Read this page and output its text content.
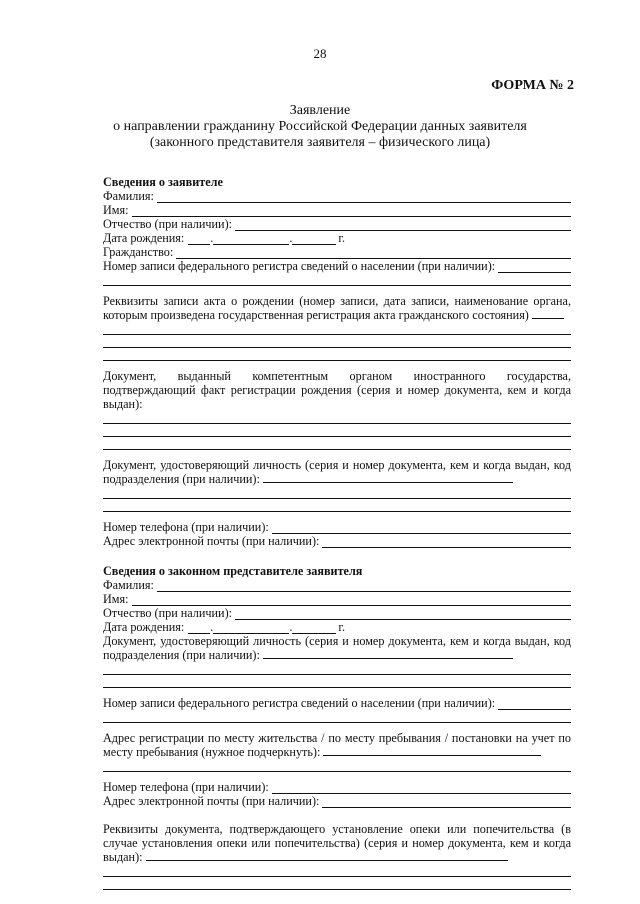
28
ФОРМА № 2
Заявление
о направлении гражданину Российской Федерации данных заявителя
(законного представителя заявителя – физического лица)
Сведения о заявителе
Фамилия:
Имя:
Отчество (при наличии):
Дата рождения: .	.	г.
Гражданство:
Номер записи федерального регистра сведений о населении (при наличии):
Реквизиты записи акта о рождении (номер записи, дата записи, наименование органа, которым произведена государственная регистрация акта гражданского состояния)
Документ, выданный компетентным органом иностранного государства, подтверждающий факт регистрации рождения (серия и номер документа, кем и когда выдан):
Документ, удостоверяющий личность (серия и номер документа, кем и когда выдан, код подразделения (при наличии):
Номер телефона (при наличии):
Адрес электронной почты (при наличии):
Сведения о законном представителе заявителя
Фамилия:
Имя:
Отчество (при наличии):
Дата рождения: .	.	г.
Документ, удостоверяющий личность (серия и номер документа, кем и когда выдан, код подразделения (при наличии):
Номер записи федерального регистра сведений о населении (при наличии):
Адрес регистрации по месту жительства / по месту пребывания / постановки на учет по месту пребывания (нужное подчеркнуть):
Номер телефона (при наличии):
Адрес электронной почты (при наличии):
Реквизиты документа, подтверждающего установление опеки или попечительства (в случае установления опеки или попечительства) (серия и номер документа, кем и когда выдан):
